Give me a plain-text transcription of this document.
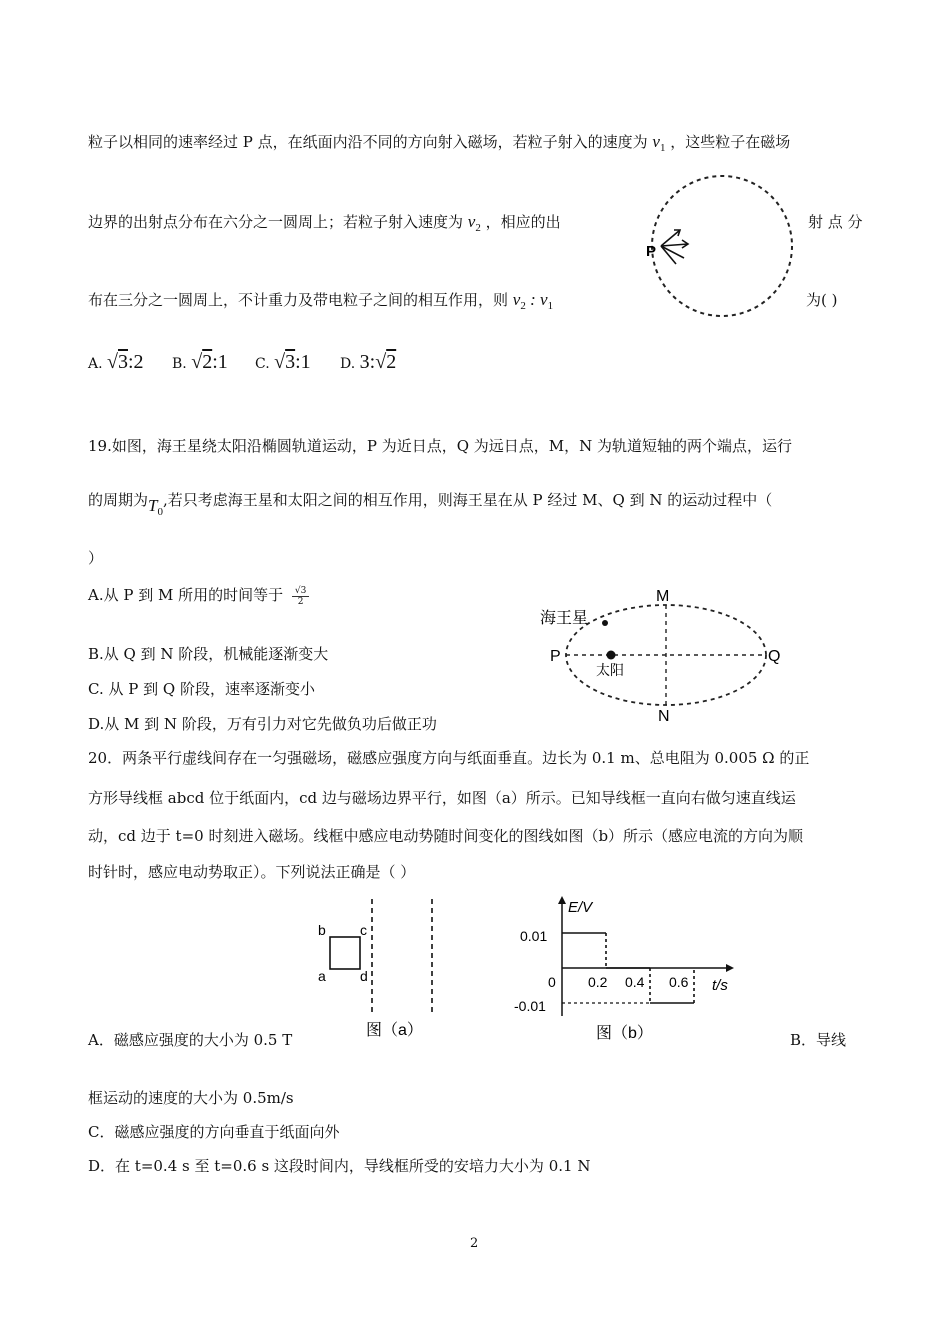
粒子以相同的速率经过 P 点，在纸面内沿不同的方向射入磁场，若粒子射入的速度为 $v_1$ ，这些粒子在磁场
边界的出射点分布在六分之一圆周上；若粒子射入速度为 $v_2$ ，相应的出	射 点 分
布在三分之一圆周上，不计重力及带电粒子之间的相互作用，则 $v_2$ : $v_1$	为( )
P
A. √3:2 B. √2:1 C. √3:1 D. 3:√2
19.如图，海王星绕太阳沿椭圆轨道运动，P 为近日点，Q 为远日点，M，N 为轨道短轴的两个端点，运行
的周期为$T_0$,若只考虑海王星和太阳之间的相互作用，则海王星在从 P 经过 M、Q 到 N 的运动过程中（
）
A.从 P 到 M 所用的时间等于 $\frac{√3}{2}$
B.从 Q 到 N 阶段，机械能逐渐变大
C. 从 P 到 Q 阶段，速率逐渐变小
D.从 M 到 N 阶段，万有引力对它先做负功后做正功
海王星
太阳
M
N
P	Q
20．两条平行虚线间存在一匀强磁场，磁感应强度方向与纸面垂直。边长为 0.1 m、总电阻为 0.005 Ω 的正
方形导线框 abcd 位于纸面内，cd 边与磁场边界平行，如图（a）所示。已知导线框一直向右做匀速直线运
动，cd 边于 t=0 时刻进入磁场。线框中感应电动势随时间变化的图线如图（b）所示（感应电流的方向为顺
时针时，感应电动势取正）。下列说法正确是（ ）
b c
a d
图（a）
E/V
t/s
0
0.01
-0.01
0.2 0.4 0.6
图（b）
A．磁感应强度的大小为 0.5 T	B．导线
框运动的速度的大小为 0.5m/s
C．磁感应强度的方向垂直于纸面向外
D．在 t=0.4 s 至 t=0.6 s 这段时间内，导线框所受的安培力大小为 0.1 N
2
